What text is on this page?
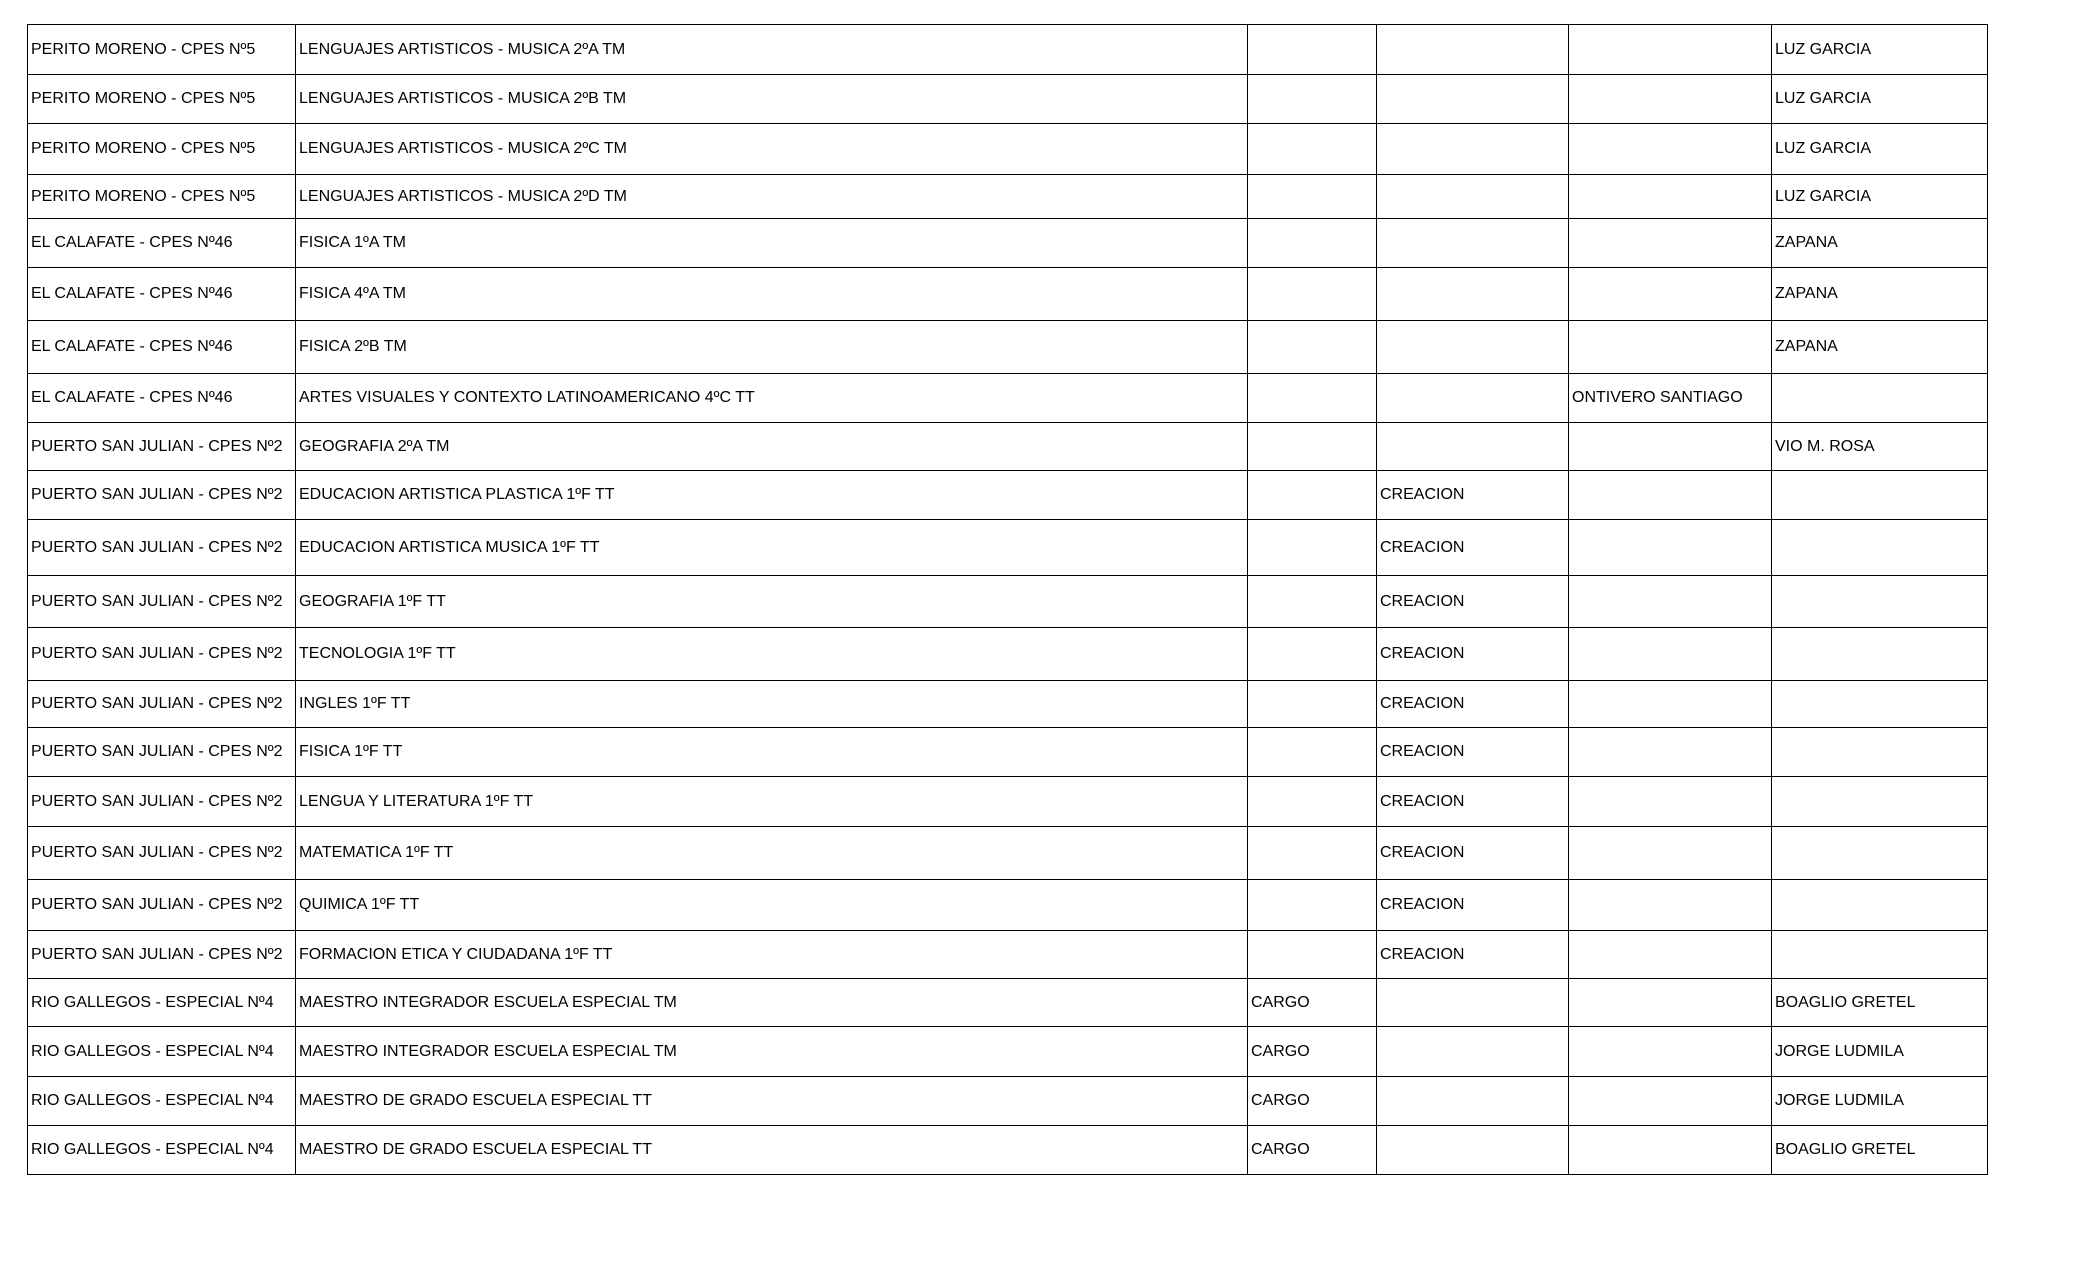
PERITO MORENO - CPES Nº5	LENGUAJES ARTISTICOS - MUSICA 2ºA TM				LUZ GARCIA
PERITO MORENO - CPES Nº5	LENGUAJES ARTISTICOS - MUSICA 2ºB TM				LUZ GARCIA
PERITO MORENO - CPES Nº5	LENGUAJES ARTISTICOS - MUSICA 2ºC TM				LUZ GARCIA
PERITO MORENO - CPES Nº5	LENGUAJES ARTISTICOS - MUSICA 2ºD TM				LUZ GARCIA
EL CALAFATE - CPES Nº46	FISICA 1ºA TM				ZAPANA
EL CALAFATE - CPES Nº46	FISICA 4ºA TM				ZAPANA
EL CALAFATE - CPES Nº46	FISICA 2ºB TM				ZAPANA
EL CALAFATE - CPES Nº46	ARTES VISUALES Y CONTEXTO LATINOAMERICANO 4ºC TT			ONTIVERO SANTIAGO	
PUERTO SAN JULIAN - CPES Nº2	GEOGRAFIA 2ºA TM				VIO M. ROSA
PUERTO SAN JULIAN - CPES Nº2	EDUCACION ARTISTICA PLASTICA 1ºF TT		CREACION		
PUERTO SAN JULIAN - CPES Nº2	EDUCACION ARTISTICA MUSICA 1ºF TT		CREACION		
PUERTO SAN JULIAN - CPES Nº2	GEOGRAFIA 1ºF TT		CREACION		
PUERTO SAN JULIAN - CPES Nº2	TECNOLOGIA 1ºF TT		CREACION		
PUERTO SAN JULIAN - CPES Nº2	INGLES 1ºF TT		CREACION		
PUERTO SAN JULIAN - CPES Nº2	FISICA 1ºF TT		CREACION		
PUERTO SAN JULIAN - CPES Nº2	LENGUA Y LITERATURA 1ºF TT		CREACION		
PUERTO SAN JULIAN - CPES Nº2	MATEMATICA 1ºF TT		CREACION		
PUERTO SAN JULIAN - CPES Nº2	QUIMICA 1ºF TT		CREACION		
PUERTO SAN JULIAN - CPES Nº2	FORMACION ETICA Y CIUDADANA 1ºF TT		CREACION		
RIO GALLEGOS - ESPECIAL Nº4	MAESTRO INTEGRADOR ESCUELA ESPECIAL TM	CARGO			BOAGLIO GRETEL
RIO GALLEGOS - ESPECIAL Nº4	MAESTRO INTEGRADOR ESCUELA ESPECIAL TM	CARGO			JORGE LUDMILA
RIO GALLEGOS - ESPECIAL Nº4	MAESTRO DE GRADO ESCUELA ESPECIAL TT	CARGO			JORGE LUDMILA
RIO GALLEGOS - ESPECIAL Nº4	MAESTRO DE GRADO ESCUELA ESPECIAL TT	CARGO			BOAGLIO GRETEL
